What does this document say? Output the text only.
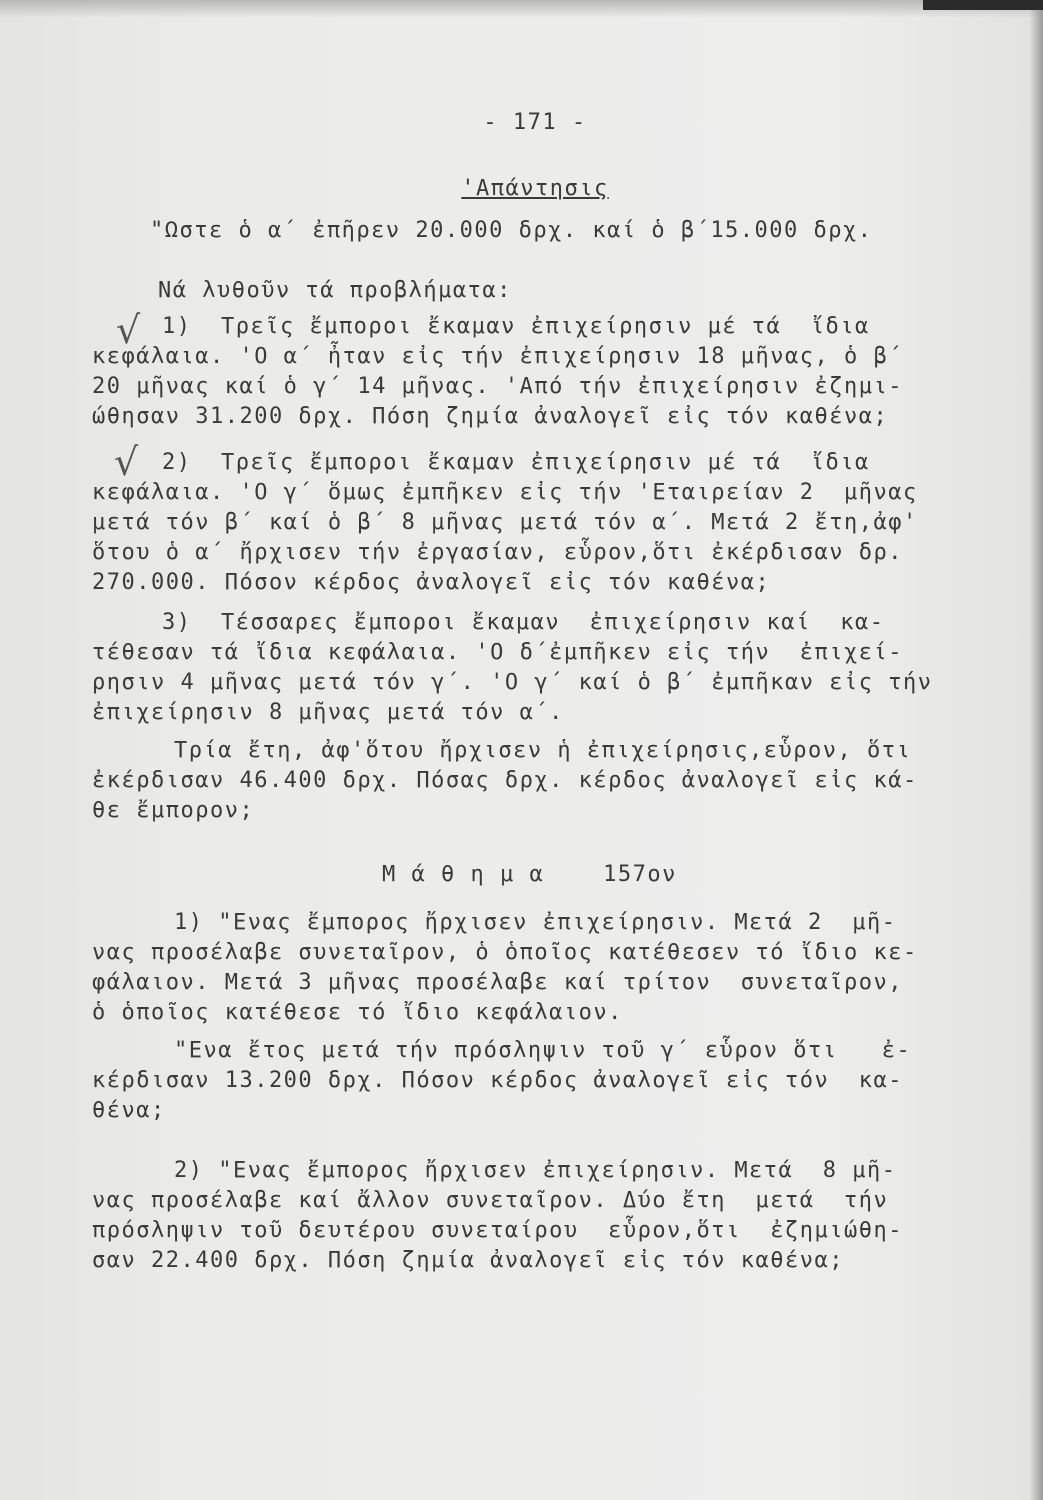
- 171 -
'Απάντησις
"Ωστε ὁ α΄ ἐπῆρεν 20.000 δρχ. καί ὁ β΄15.000 δρχ.
Νά λυθοῦν τά προβλήματα:
√ 1)  Τρεῖς ἔμποροι ἔκαμαν ἐπιχείρησιν μέ τά  ἴδια
κεφάλαια. 'Ο α΄ ἦταν εἰς τήν ἐπιχείρησιν 18 μῆνας, ὁ β΄
20 μῆνας καί ὁ γ΄ 14 μῆνας. 'Από τήν ἐπιχείρησιν ἐζημι-
ώθησαν 31.200 δρχ. Πόση ζημία ἀναλογεῖ εἰς τόν καθένα;
√ 2)  Τρεῖς ἔμποροι ἔκαμαν ἐπιχείρησιν μέ τά  ἴδια
κεφάλαια. 'Ο γ΄ ὅμως ἐμπῆκεν εἰς τήν 'Εταιρείαν 2  μῆνας
μετά τόν β΄ καί ὁ β΄ 8 μῆνας μετά τόν α΄. Μετά 2 ἔτη,ἀφ'
ὅτου ὁ α΄ ἤρχισεν τήν ἐργασίαν, εὗρον,ὅτι ἐκέρδισαν δρ.
270.000. Πόσον κέρδος ἀναλογεῖ εἰς τόν καθένα;
3)  Τέσσαρες ἔμποροι ἔκαμαν  ἐπιχείρησιν καί  κα-
τέθεσαν τά ἴδια κεφάλαια. 'Ο δ΄ἐμπῆκεν εἰς τήν  ἐπιχεί-
ρησιν 4 μῆνας μετά τόν γ΄. 'Ο γ΄ καί ὁ β΄ ἐμπῆκαν εἰς τήν
ἐπιχείρησιν 8 μῆνας μετά τόν α΄.
Τρία ἔτη, ἀφ'ὅτου ἤρχισεν ἡ ἐπιχείρησις,εὗρον, ὅτι
ἐκέρδισαν 46.400 δρχ. Πόσας δρχ. κέρδος ἀναλογεῖ εἰς κά-
θε ἔμπορον;
Μ ά θ η μ α    157ον
1) "Ενας ἔμπορος ἤρχισεν ἐπιχείρησιν. Μετά 2  μῆ-
νας προσέλαβε συνεταῖρον, ὁ ὁποῖος κατέθεσεν τό ἴδιο κε-
φάλαιον. Μετά 3 μῆνας προσέλαβε καί τρίτον  συνεταῖρον,
ὁ ὁποῖος κατέθεσε τό ἴδιο κεφάλαιον.
"Ενα ἔτος μετά τήν πρόσληψιν τοῦ γ΄ εὗρον ὅτι   ἐ-
κέρδισαν 13.200 δρχ. Πόσον κέρδος ἀναλογεῖ εἰς τόν  κα-
θένα;
2) "Ενας ἔμπορος ἤρχισεν ἐπιχείρησιν. Μετά  8 μῆ-
νας προσέλαβε καί ἄλλον συνεταῖρον. Δύο ἔτη  μετά  τήν
πρόσληψιν τοῦ δευτέρου συνεταίρου  εὗρον,ὅτι  ἐζημιώθη-
σαν 22.400 δρχ. Πόση ζημία ἀναλογεῖ εἰς τόν καθένα;
